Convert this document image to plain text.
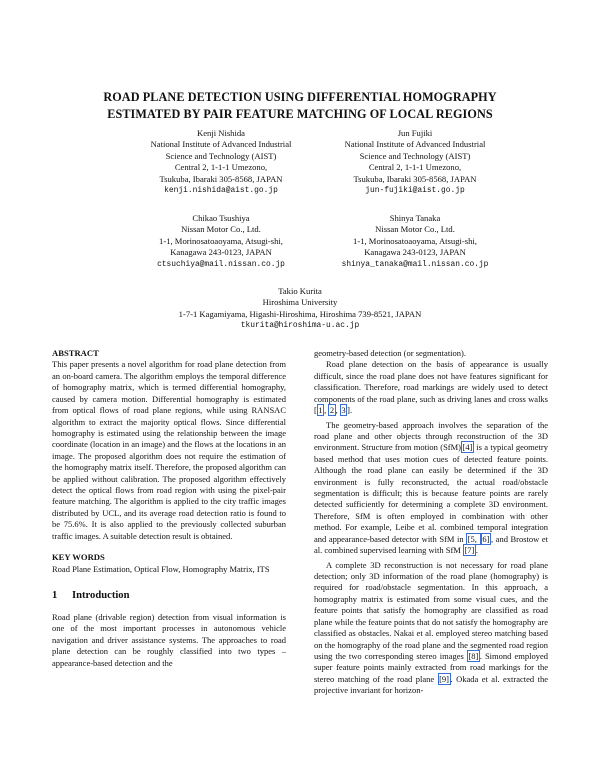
ROAD PLANE DETECTION USING DIFFERENTIAL HOMOGRAPHY
ESTIMATED BY PAIR FEATURE MATCHING OF LOCAL REGIONS
Kenji Nishida
National Institute of Advanced Industrial
Science and Technology (AIST)
Central 2, 1-1-1 Umezono,
Tsukuba, Ibaraki 305-8568, JAPAN
kenji.nishida@aist.go.jp
Jun Fujiki
National Institute of Advanced Industrial
Science and Technology (AIST)
Central 2, 1-1-1 Umezono,
Tsukuba, Ibaraki 305-8568, JAPAN
jun-fujiki@aist.go.jp
Chikao Tsushiya
Nissan Motor Co., Ltd.
1-1, Morinosatoaoyama, Atsugi-shi,
Kanagawa 243-0123, JAPAN
ctsuchiya@mail.nissan.co.jp
Shinya Tanaka
Nissan Motor Co., Ltd.
1-1, Morinosatoaoyama, Atsugi-shi,
Kanagawa 243-0123, JAPAN
shinya_tanaka@mail.nissan.co.jp
Takio Kurita
Hiroshima University
1-7-1 Kagamiyama, Higashi-Hiroshima, Hiroshima 739-8521, JAPAN
tkurita@hiroshima-u.ac.jp

ABSTRACT

This paper presents a novel algorithm for road plane detection from an on-board camera. The algorithm employs the temporal difference of homography matrix, which is termed differential homography, caused by camera motion. Differential homography is estimated from optical flows of road plane regions, while using RANSAC algorithm to extract the majority optical flows. Since differential homography is estimated using the relationship between the image coordinate (location in an image) and the flows at the locations in an image. The proposed algorithm does not require the estimation of the homography matrix itself. Therefore, the proposed algorithm can be applied without calibration. The proposed algorithm effectively detect the optical flows from road region with using the pixel-pair feature matching. The algorithm is applied to the city traffic images distributed by UCL, and its average road detection ratio is found to be 75.6%. It is also applied to the previously collected suburban traffic images. A suitable detection result is obtained.

KEY WORDS

Road Plane Estimation, Optical Flow, Homography Matrix, ITS

1 Introduction

Road plane (drivable region) detection from visual information is one of the most important processes in autonomous vehicle navigation and driver assistance systems. The approaches to road plane detection can be roughly classified into two types – appearance-based detection and the

geometry-based detection (or segmentation).

Road plane detection on the basis of appearance is usually difficult, since the road plane does not have features significant for classification. Therefore, road markings are widely used to detect components of the road plane, such as driving lanes and cross walks [ 1 , 2 , 3 ].

The geometry-based approach involves the separation of the road plane and other objects through reconstruction of the 3D environment. Structure from motion (SfM) [4] is a typical geometry based method that uses motion cues of detected feature points. Although the road plane can easily be determined if the 3D environment is fully reconstructed, the actual road/obstacle segmentation is difficult; this is because feature points are rarely detected sufficiently for determining a complete 3D environment. Therefore, SfM is often employed in combination with other method. For example, Leibe et al. combined temporal integration and appearance-based detector with SfM in [5, 6] , and Brostow et al. combined supervised learning with SfM [7] .

A complete 3D reconstruction is not necessary for road plane detection; only 3D information of the road plane (homography) is required for road/obstacle segmentation. In this approach, a homography matrix is estimated from some visual cues, and the feature points that satisfy the homography are classified as road plane while the feature points that do not satisfy the homography are classified as obstacles. Nakai et al. employed stereo matching based on the homography of the road plane and the segmented road region using the two corresponding stereo images [8] . Simond employed super feature points mainly extracted from road markings for the stereo matching of the road plane [9] . Okada et al. extracted the projective invariant for horizon-
